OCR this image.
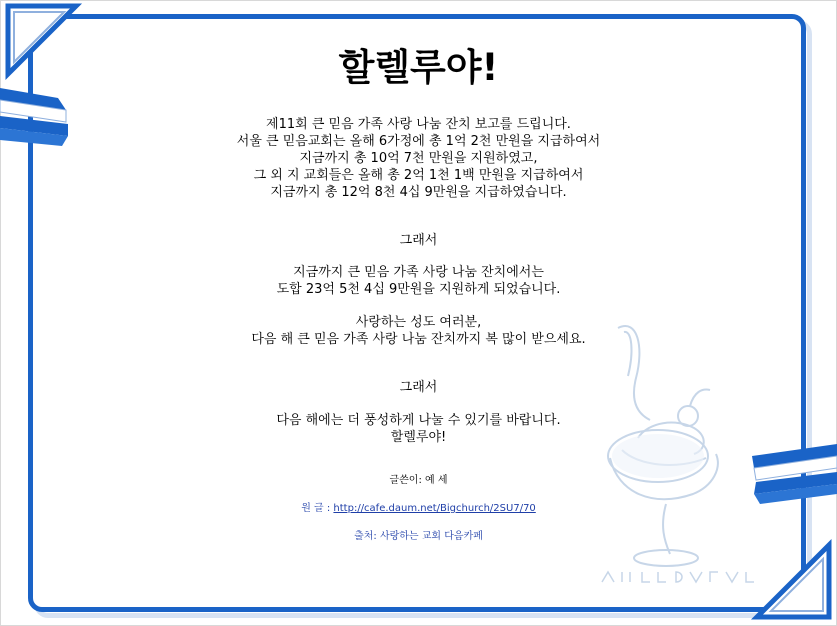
할렐루야!
제11회 큰 믿음 가족 사랑 나눔 잔치 보고를 드립니다.
서울 큰 믿음교회는 올해 6가정에 총 1억 2천 만원을 지급하여서
지금까지 총 10억 7천 만원을 지원하였고,
그 외 지 교회들은 올해 총 2억 1천 1백 만원을 지급하여서
지금까지 총 12억 8천 4십 9만원을 지급하였습니다.
그래서
지금까지 큰 믿음 가족 사랑 나눔 잔치에서는
도합 23억 5천 4십 9만원을 지원하게 되었습니다.
사랑하는 성도 여러분,
다음 해 큰 믿음 가족 사랑 나눔 잔치까지 복 많이 받으세요.
그래서
다음 해에는 더 풍성하게 나눌 수 있기를 바랍니다.
할렐루야!
글쓴이: 예 세
원 글 : http://cafe.daum.net/Bigchurch/2SU7/70
출처: 사랑하는 교회 다음카페
